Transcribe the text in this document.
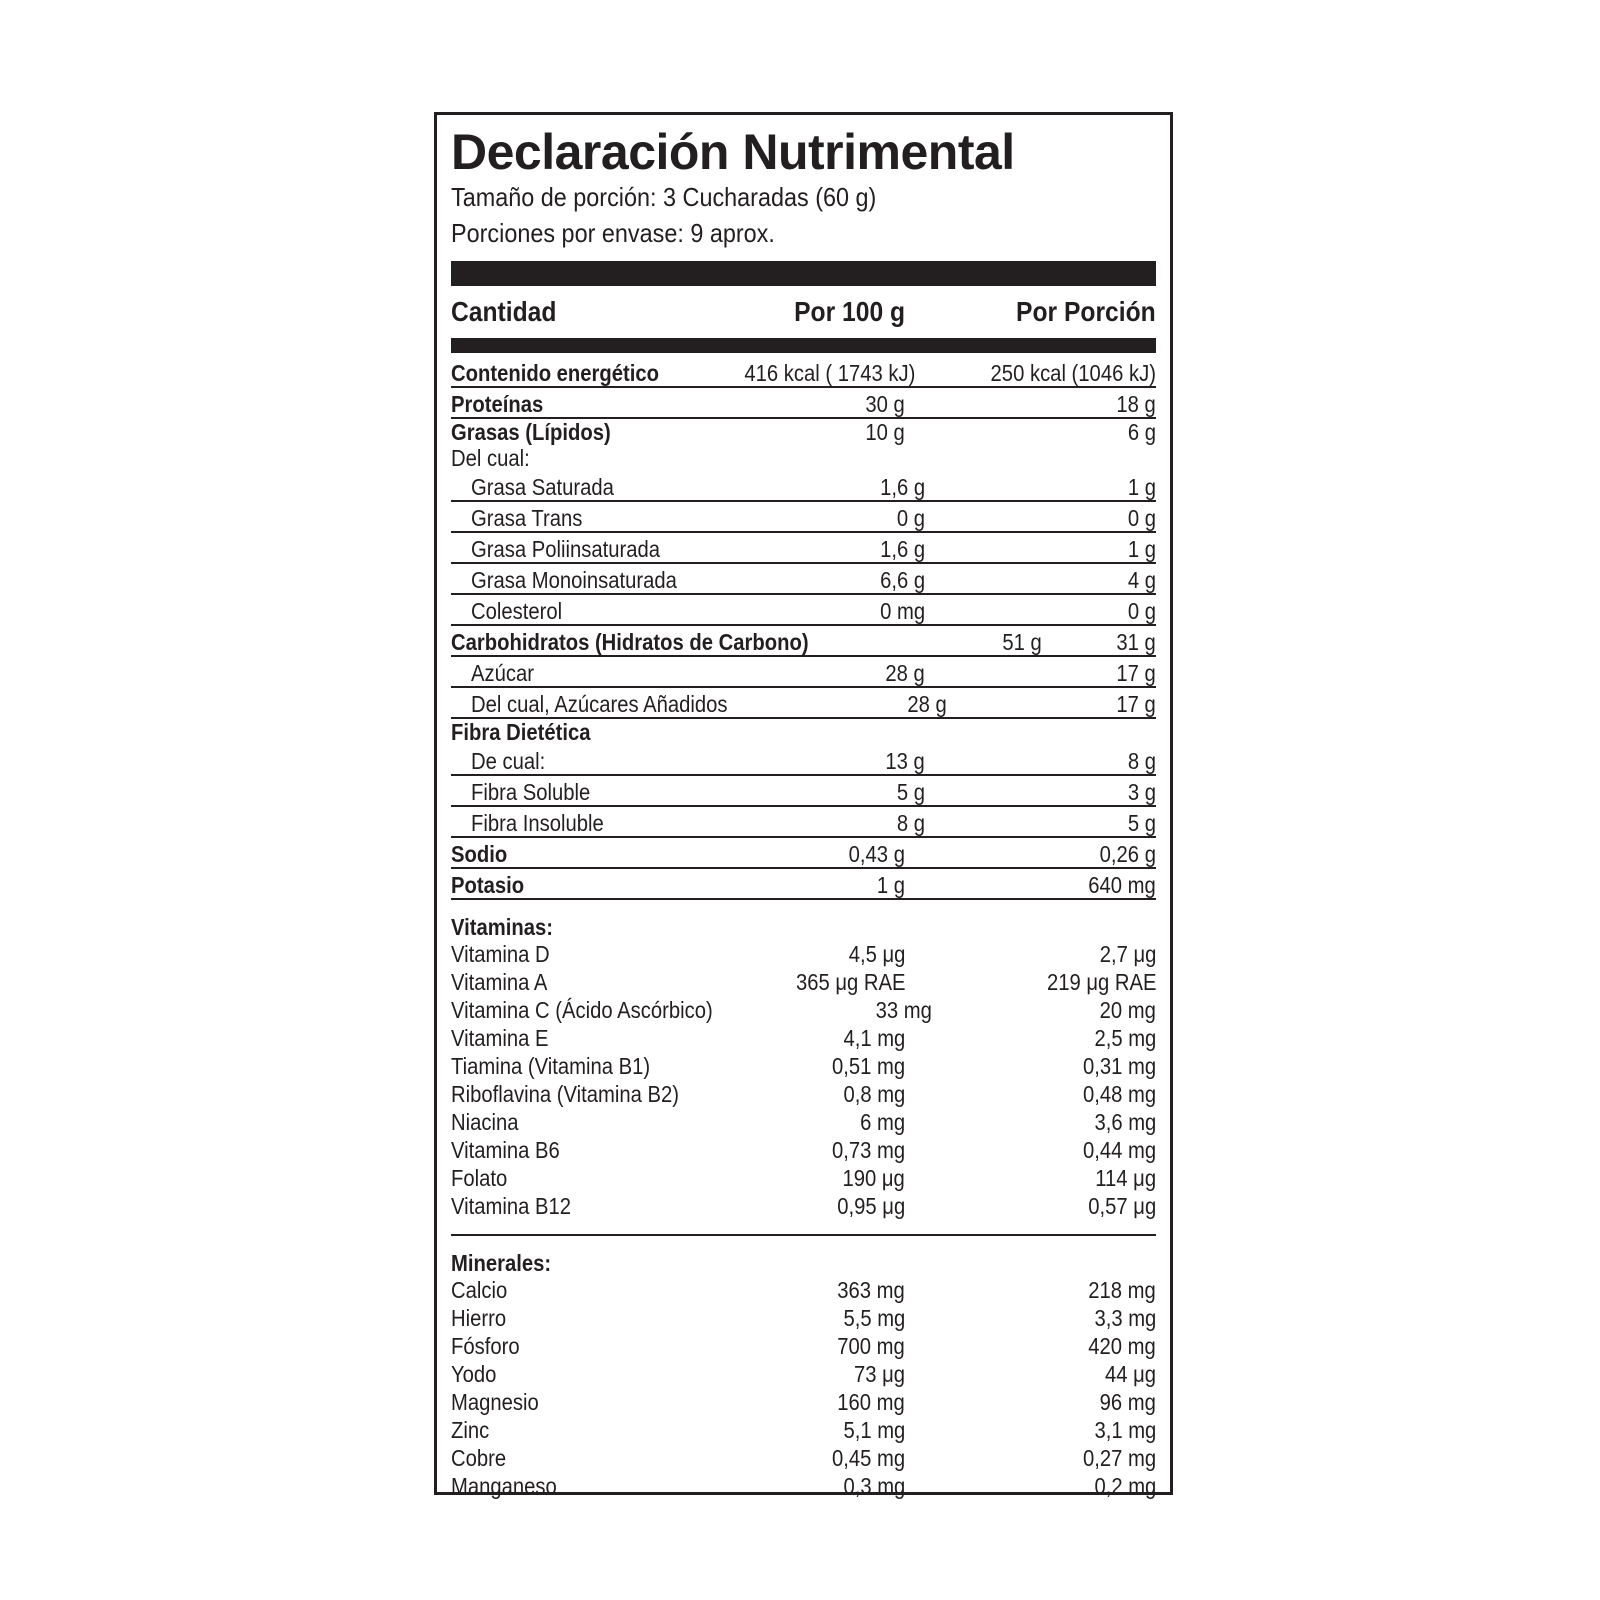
Declaración Nutrimental
Tamaño de porción: 3 Cucharadas (60 g)
Porciones por envase: 9 aprox.
Cantidad	Por 100 g	Por Porción
Contenido energético	416 kcal ( 1743 kJ)	250 kcal (1046 kJ)
Proteínas	30 g	18 g
Grasas (Lípidos)	10 g	6 g
Del cual:
Grasa Saturada	1,6 g	1 g
Grasa Trans	0 g	0 g
Grasa Poliinsaturada	1,6 g	1 g
Grasa Monoinsaturada	6,6 g	4 g
Colesterol	0 mg	0 g
Carbohidratos (Hidratos de Carbono)	51 g	31 g
Azúcar	28 g	17 g
Del cual, Azúcares Añadidos	28 g	17 g
Fibra Dietética
De cual:	13 g	8 g
Fibra Soluble	5 g	3 g
Fibra Insoluble	8 g	5 g
Sodio	0,43 g	0,26 g
Potasio	1 g	640 mg
Vitaminas:
Vitamina D	4,5 μg	2,7 μg
Vitamina A	365 μg RAE	219 μg RAE
Vitamina C (Ácido Ascórbico)	33 mg	20 mg
Vitamina E	4,1 mg	2,5 mg
Tiamina (Vitamina B1)	0,51 mg	0,31 mg
Riboflavina (Vitamina B2)	0,8 mg	0,48 mg
Niacina	6 mg	3,6 mg
Vitamina B6	0,73 mg	0,44 mg
Folato	190 μg	114 μg
Vitamina B12	0,95 μg	0,57 μg
Minerales:
Calcio	363 mg	218 mg
Hierro	5,5 mg	3,3 mg
Fósforo	700 mg	420 mg
Yodo	73 μg	44 μg
Magnesio	160 mg	96 mg
Zinc	5,1 mg	3,1 mg
Cobre	0,45 mg	0,27 mg
Manganeso	0,3 mg	0,2 mg
